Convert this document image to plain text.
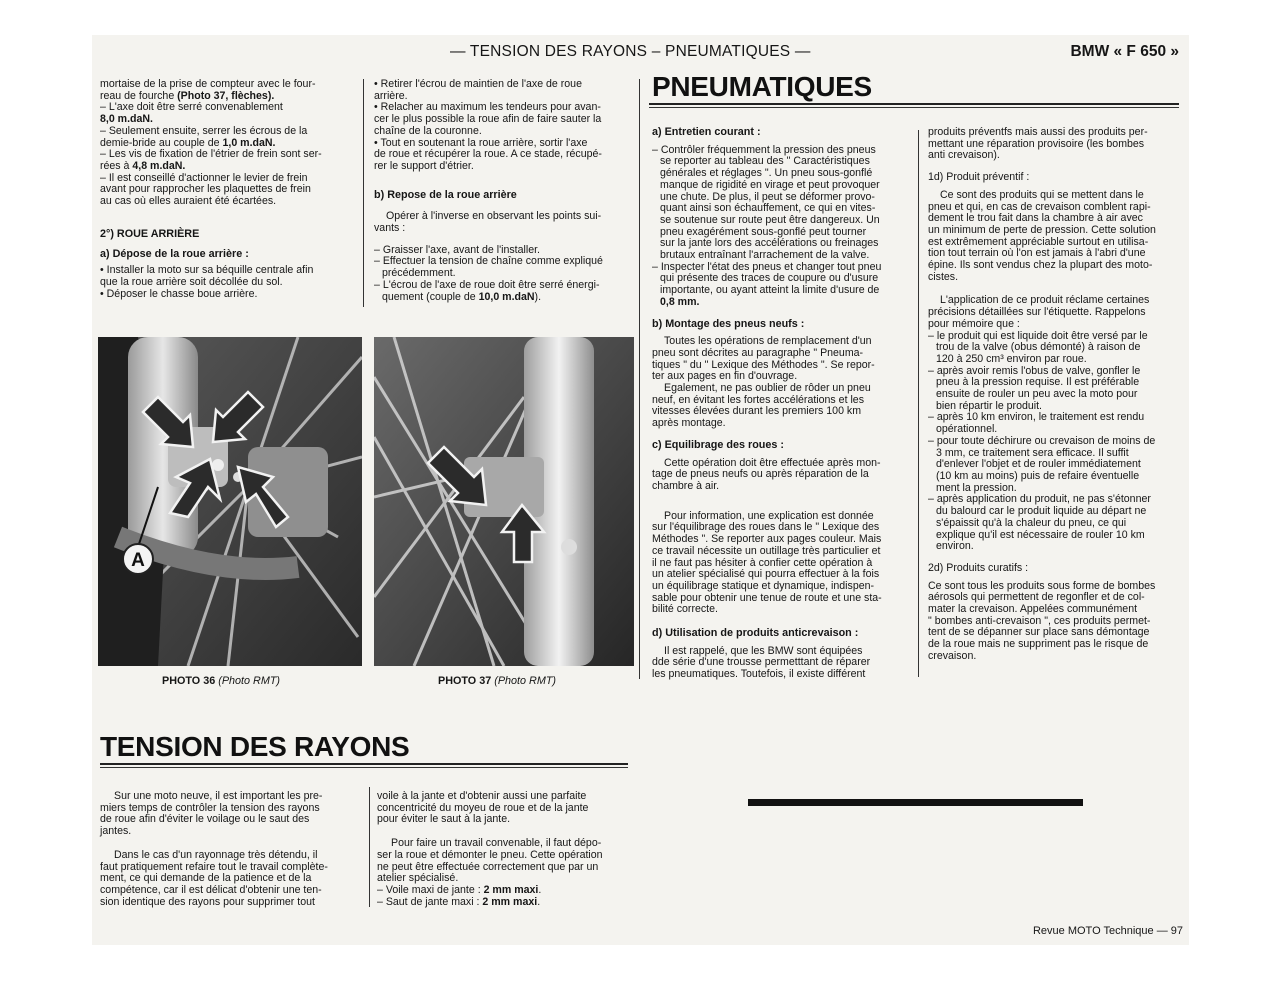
— TENSION DES RAYONS – PNEUMATIQUES —	BMW « F 650 »

mortaise de la prise de compteur avec le four-

reau de fourche (Photo 37, flèches).

– L'axe doit être serré convenablement

8,0 m.daN.

– Seulement ensuite, serrer les écrous de la

demie-bride au couple de 1,0 m.daN.

– Les vis de fixation de l'étrier de frein sont ser-

rées à 4,8 m.daN.

– Il est conseillé d'actionner le levier de frein

avant pour rapprocher les plaquettes de frein

au cas où elles auraient été écartées.

2°) ROUE ARRIÈRE

a) Dépose de la roue arrière :

• Installer la moto sur sa béquille centrale afin

que la roue arrière soit décollée du sol.

• Déposer le chasse boue arrière.

• Retirer l'écrou de maintien de l'axe de roue

arrière.

• Relacher au maximum les tendeurs pour avan-

cer le plus possible la roue afin de faire sauter la

chaîne de la couronne.

• Tout en soutenant la roue arrière, sortir l'axe

de roue et récupérer la roue. A ce stade, récupé-

rer le support d'étrier.

b) Repose de la roue arrière

Opérer à l'inverse en observant les points sui-

vants :

– Graisser l'axe, avant de l'installer.

– Effectuer la tension de chaîne comme expliqué

précédemment.

– L'écrou de l'axe de roue doit être serré énergi-

quement (couple de 10,0 m.daN).

A
PHOTO 36 (Photo RMT)	PHOTO 37 (Photo RMT)
PNEUMATIQUES

a) Entretien courant :

– Contrôler fréquemment la pression des pneus

se reporter au tableau des " Caractéristiques

générales et réglages ". Un pneu sous-gonflé

manque de rigidité en virage et peut provoquer

une chute. De plus, il peut se déformer provo-

quant ainsi son échauffement, ce qui en vites-

se soutenue sur route peut être dangereux. Un

pneu exagérément sous-gonflé peut tourner

sur la jante lors des accélérations ou freinages

brutaux entraînant l'arrachement de la valve.

– Inspecter l'état des pneus et changer tout pneu

qui présente des traces de coupure ou d'usure

importante, ou ayant atteint la limite d'usure de

0,8 mm.

b) Montage des pneus neufs :

Toutes les opérations de remplacement d'un

pneu sont décrites au paragraphe " Pneuma-

tiques " du " Lexique des Méthodes ". Se repor-

ter aux pages en fin d'ouvrage.

Egalement, ne pas oublier de rôder un pneu

neuf, en évitant les fortes accélérations et les

vitesses élevées durant les premiers 100 km

après montage.

c) Equilibrage des roues :

Cette opération doit être effectuée après mon-

tage de pneus neufs ou après réparation de la

chambre à air.

Pour information, une explication est donnée

sur l'équilibrage des roues dans le " Lexique des

Méthodes ". Se reporter aux pages couleur. Mais

ce travail nécessite un outillage très particulier et

il ne faut pas hésiter à confier cette opération à

un atelier spécialisé qui pourra effectuer à la fois

un équilibrage statique et dynamique, indispen-

sable pour obtenir une tenue de route et une sta-

bilité correcte.

d) Utilisation de produits anticrevaison :

Il est rappelé, que les BMW sont équipées

dde série d'une trousse permetttant de réparer

les pneumatiques. Toutefois, il existe différent

produits préventfs mais aussi des produits per-

mettant une réparation provisoire (les bombes

anti crevaison).

1d) Produit préventif :

Ce sont des produits qui se mettent dans le

pneu et qui, en cas de crevaison comblent rapi-

dement le trou fait dans la chambre à air avec

un minimum de perte de pression. Cette solution

est extrêmement appréciable surtout en utilisa-

tion tout terrain où l'on est jamais à l'abri d'une

épine. Ils sont vendus chez la plupart des moto-

cistes.

L'application de ce produit réclame certaines

précisions détaillées sur l'étiquette. Rappelons

pour mémoire que :

– le produit qui est liquide doit être versé par le

trou de la valve (obus démonté) à raison de

120 à 250 cm³ environ par roue.

– après avoir remis l'obus de valve, gonfler le

pneu à la pression requise. Il est préférable

ensuite de rouler un peu avec la moto pour

bien répartir le produit.

– après 10 km environ, le traitement est rendu

opérationnel.

– pour toute déchirure ou crevaison de moins de

3 mm, ce traitement sera efficace. Il suffit

d'enlever l'objet et de rouler immédiatement

(10 km au moins) puis de refaire éventuelle

ment la pression.

– après application du produit, ne pas s'étonner

du balourd car le produit liquide au départ ne

s'épaissit qu'à la chaleur du pneu, ce qui

explique qu'il est nécessaire de rouler 10 km

environ.

2d) Produits curatifs :

Ce sont tous les produits sous forme de bombes

aérosols qui permettent de regonfler et de col-

mater la crevaison. Appelées communément

" bombes anti-crevaison ", ces produits permet-

tent de se dépanner sur place sans démontage

de la roue mais ne suppriment pas le risque de

crevaison.

TENSION DES RAYONS

Sur une moto neuve, il est important les pre-

miers temps de contrôler la tension des rayons

de roue afin d'éviter le voilage ou le saut des

jantes.

Dans le cas d'un rayonnage très détendu, il

faut pratiquement refaire tout le travail complète-

ment, ce qui demande de la patience et de la

compétence, car il est délicat d'obtenir une ten-

sion identique des rayons pour supprimer tout

voile à la jante et d'obtenir aussi une parfaite

concentricité du moyeu de roue et de la jante

pour éviter le saut à la jante.

Pour faire un travail convenable, il faut dépo-

ser la roue et démonter le pneu. Cette opération

ne peut être effectuée correctement que par un

atelier spécialisé.

– Voile maxi de jante : 2 mm maxi.

– Saut de jante maxi : 2 mm maxi.

Revue MOTO Technique — 97
